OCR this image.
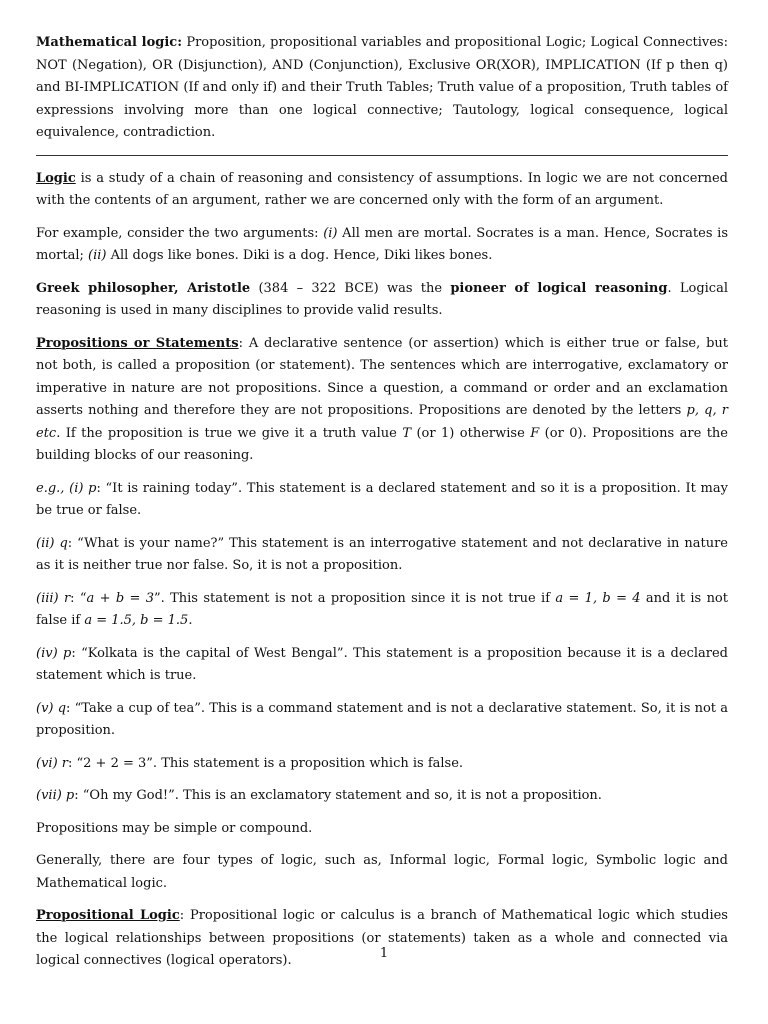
Mathematical logic: Proposition, propositional variables and propositional Logic; Logical Connectives: NOT (Negation), OR (Disjunction), AND (Conjunction), Exclusive OR(XOR), IMPLICATION (If p then q) and BI-IMPLICATION (If and only if) and their Truth Tables; Truth value of a proposition, Truth tables of expressions involving more than one logical connective; Tautology, logical consequence, logical equivalence, contradiction.

Logic is a study of a chain of reasoning and consistency of assumptions. In logic we are not concerned with the contents of an argument, rather we are concerned only with the form of an argument.

For example, consider the two arguments: (i) All men are mortal. Socrates is a man. Hence, Socrates is mortal; (ii) All dogs like bones. Diki is a dog. Hence, Diki likes bones.

Greek philosopher, Aristotle (384 – 322 BCE) was the pioneer of logical reasoning. Logical reasoning is used in many disciplines to provide valid results.

Propositions or Statements: A declarative sentence (or assertion) which is either true or false, but not both, is called a proposition (or statement). The sentences which are interrogative, exclamatory or imperative in nature are not propositions. Since a question, a command or order and an exclamation asserts nothing and therefore they are not propositions. Propositions are denoted by the letters p, q, r etc. If the proposition is true we give it a truth value T (or 1) otherwise F (or 0). Propositions are the building blocks of our reasoning.

e.g., (i) p: “It is raining today”. This statement is a declared statement and so it is a proposition. It may be true or false.

(ii) q: “What is your name?” This statement is an interrogative statement and not declarative in nature as it is neither true nor false. So, it is not a proposition.

(iii) r: “a + b = 3”. This statement is not a proposition since it is not true if a = 1, b = 4 and it is not false if a = 1.5, b = 1.5.

(iv) p: “Kolkata is the capital of West Bengal”. This statement is a proposition because it is a declared statement which is true.

(v) q: “Take a cup of tea”. This is a command statement and is not a declarative statement. So, it is not a proposition.

(vi) r: “2 + 2 = 3”. This statement is a proposition which is false.

(vii) p: “Oh my God!”. This is an exclamatory statement and so, it is not a proposition.

Propositions may be simple or compound.

Generally, there are four types of logic, such as, Informal logic, Formal logic, Symbolic logic and Mathematical logic.

Propositional Logic: Propositional logic or calculus is a branch of Mathematical logic which studies the logical relationships between propositions (or statements) taken as a whole and connected via logical connectives (logical operators).	1
